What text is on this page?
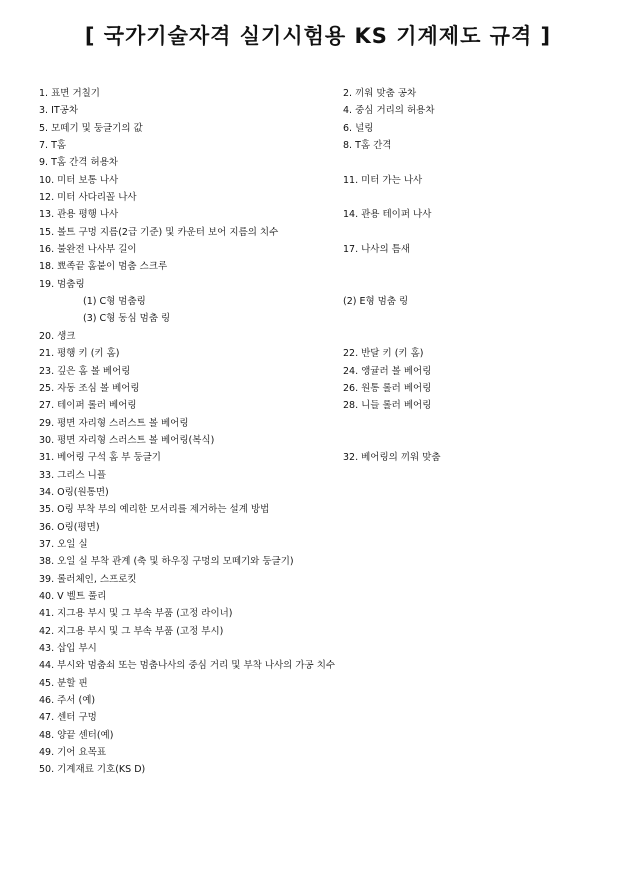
[ 국가기술자격 실기시험용 KS 기계제도 규격 ]
1. 표면 거칠기	2. 끼워 맞춤 공차
3. IT공차	4. 중심 거리의 허용차
5. 모떼기 및 둥글기의 값	6. 널링
7. T홈	8. T홈 간격
9. T홈 간격 허용차
10. 미터 보통 나사	11. 미터 가는 나사
12. 미터 사다리꼴 나사
13. 관용 평행 나사	14. 관용 테이퍼 나사
15. 볼트 구멍 지름(2급 기준) 및 카운터 보어 지름의 치수
16. 불완전 나사부 길이	17. 나사의 틈새
18. 뾰족끝 홈붙이 멈춤 스크루
19. 멈춤링
(1) C형 멈춤링	(2) E형 멈춤 링
(3) C형 동심 멈춤 링
20. 생크
21. 평행 키 (키 홈)	22. 반달 키 (키 홈)
23. 깊은 홈 볼 베어링	24. 앵귤러 볼 베어링
25. 자동 조심 볼 베어링	26. 원통 롤러 베어링
27. 테이퍼 롤러 베어링	28. 니들 롤러 베어링
29. 평면 자리형 스러스트 볼 베어링
30. 평면 자리형 스러스트 볼 베어링(복식)
31. 베어링 구석 홈 부 둥글기	32. 베어링의 끼워 맞춤
33. 그리스 니플
34. O링(원통면)
35. O링 부착 부의 예리한 모서리를 제거하는 설계 방법
36. O링(평면)
37. 오일 실
38. 오일 실 부착 관계 (축 및 하우징 구멍의 모떼기와 둥글기)
39. 롤러체인, 스프로킷
40. V 벨트 풀리
41. 지그용 부시 및 그 부속 부품 (고정 라이너)
42. 지그용 부시 및 그 부속 부품 (고정 부시)
43. 삽입 부시
44. 부시와 멈춤쇠 또는 멈춤나사의 중심 거리 및 부착 나사의 가공 치수
45. 분할 핀
46. 주서 (예)
47. 센터 구멍
48. 양끝 센터(예)
49. 기어 요목표
50. 기계재료 기호(KS D)
